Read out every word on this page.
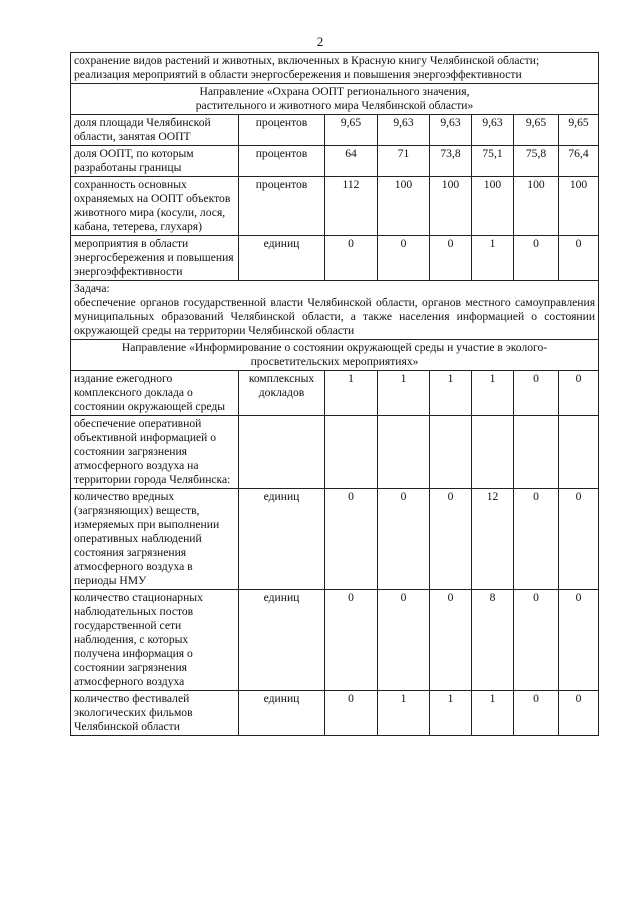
2
сохранение видов растений и животных, включенных в Красную книгу Челябинской области;
реализация мероприятий в области энергосбережения и повышения энергоэффективности							

Направление «Охрана ООПТ регионального значения,
растительного и животного мира Челябинской области»							

доля площади Челябинской области, занятая ООПТ	процентов	9,65	9,63	9,63	9,63	9,65	9,65
доля ООПТ, по которым разработаны границы	процентов	64	71	73,8	75,1	75,8	76,4
сохранность основных охраняемых на ООПТ объектов животного мира (косули, лося, кабана, тетерева, глухаря)	процентов	112	100	100	100	100	100
мероприятия в области энергосбережения и повышения энергоэффективности	единиц	0	0	0	1	0	0

Задача:
обеспечение органов государственной власти Челябинской области, органов местного самоуправления муниципальных образований Челябинской области, а также населения информацией о состоянии окружающей среды на территории Челябинской области							

Направление «Информирование о состоянии окружающей среды и участие в эколого-
просветительских мероприятиях»							

издание ежегодного комплексного доклада о состоянии окружающей среды	комплексных докладов	1	1	1	1	0	0
обеспечение оперативной объективной информацией о состоянии загрязнения атмосферного воздуха на территории города Челябинска:							
количество вредных (загрязняющих) веществ, измеряемых при выполнении оперативных наблюдений состояния загрязнения атмосферного воздуха в периоды НМУ	единиц	0	0	0	12	0	0
количество стационарных наблюдательных постов государственной сети наблюдения, с которых получена информация о состоянии загрязнения атмосферного воздуха	единиц	0	0	0	8	0	0
количество фестивалей экологических фильмов Челябинской области	единиц	0	1	1	1	0	0
